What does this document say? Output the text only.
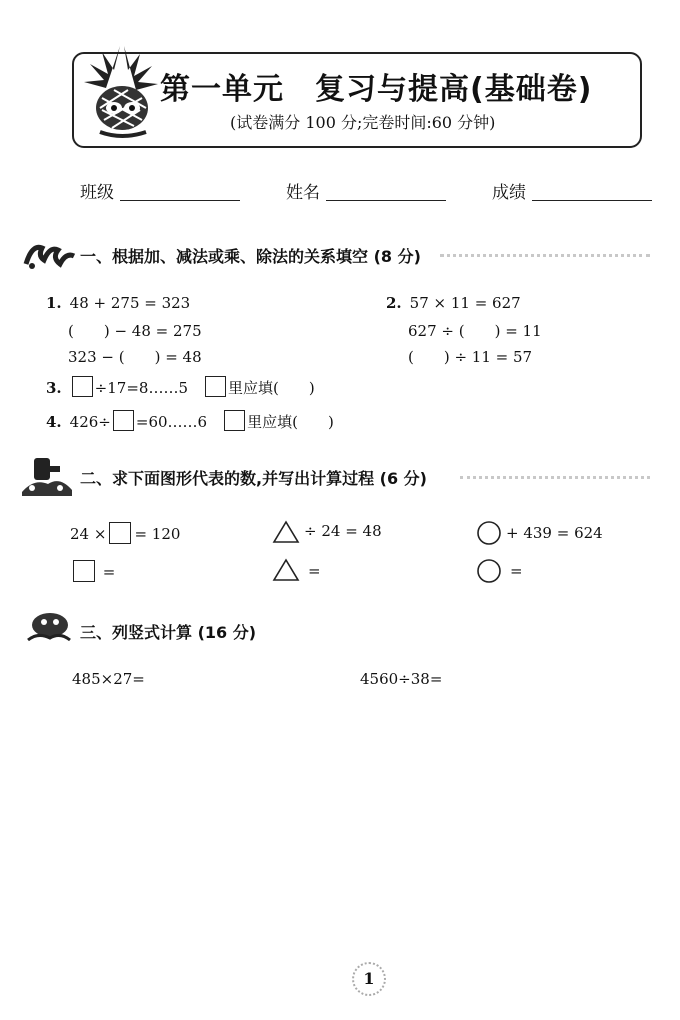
第一单元　复习与提高(基础卷)
(试卷满分 100 分;完卷时间:60 分钟)
班级	姓名	成绩
一、根据加、减法或乘、除法的关系填空 (8 分)
1. 48 + 275 = 323
(　　) − 48 = 275
323 − (　　) = 48
2. 57 × 11 = 627
627 ÷ (　　) = 11
(　　) ÷ 11 = 57
3. ÷17=8……5　	里应填(　　)
4. 426÷ =60……6　	里应填(　　)
二、求下面图形代表的数,并写出计算过程 (6 分)
24 × = 120	÷ 24 = 48	+ 439 = 624
=	=	=
三、列竖式计算 (16 分)
485×27=	4560÷38=
1
